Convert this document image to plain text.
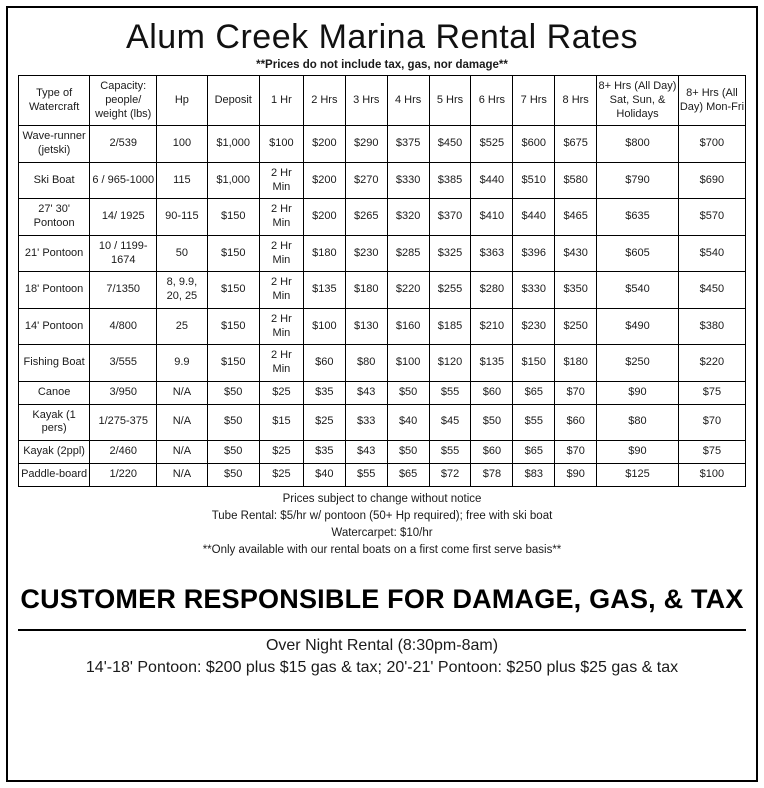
Alum Creek Marina Rental Rates
**Prices do not include tax, gas, nor damage**
Type of Watercraft	Capacity: people/ weight (lbs)	Hp	Deposit	1 Hr	2 Hrs	3 Hrs	4 Hrs	5 Hrs	6 Hrs	7 Hrs	8 Hrs	8+ Hrs (All Day) Sat, Sun, & Holidays	8+ Hrs (All Day) Mon-Fri
Wave-runner (jetski)	2/539	100	$1,000	$100	$200	$290	$375	$450	$525	$600	$675	$800	$700
Ski Boat	6 / 965-1000	115	$1,000	2 Hr Min	$200	$270	$330	$385	$440	$510	$580	$790	$690
27' 30' Pontoon	14/ 1925	90-115	$150	2 Hr Min	$200	$265	$320	$370	$410	$440	$465	$635	$570
21' Pontoon	10 / 1199-1674	50	$150	2 Hr Min	$180	$230	$285	$325	$363	$396	$430	$605	$540
18' Pontoon	7/1350	8, 9.9, 20, 25	$150	2 Hr Min	$135	$180	$220	$255	$280	$330	$350	$540	$450
14' Pontoon	4/800	25	$150	2 Hr Min	$100	$130	$160	$185	$210	$230	$250	$490	$380
Fishing Boat	3/555	9.9	$150	2 Hr Min	$60	$80	$100	$120	$135	$150	$180	$250	$220
Canoe	3/950	N/A	$50	$25	$35	$43	$50	$55	$60	$65	$70	$90	$75
Kayak (1 pers)	1/275-375	N/A	$50	$15	$25	$33	$40	$45	$50	$55	$60	$80	$70
Kayak (2ppl)	2/460	N/A	$50	$25	$35	$43	$50	$55	$60	$65	$70	$90	$75
Paddle-board	1/220	N/A	$50	$25	$40	$55	$65	$72	$78	$83	$90	$125	$100
Prices subject to change without notice
Tube Rental: $5/hr w/ pontoon (50+ Hp required); free with ski boat
Watercarpet: $10/hr
**Only available with our rental boats on a first come first serve basis**
CUSTOMER RESPONSIBLE FOR DAMAGE, GAS, & TAX
Over Night Rental (8:30pm-8am)
14'-18' Pontoon: $200 plus $15 gas & tax; 20'-21' Pontoon: $250 plus $25 gas & tax
